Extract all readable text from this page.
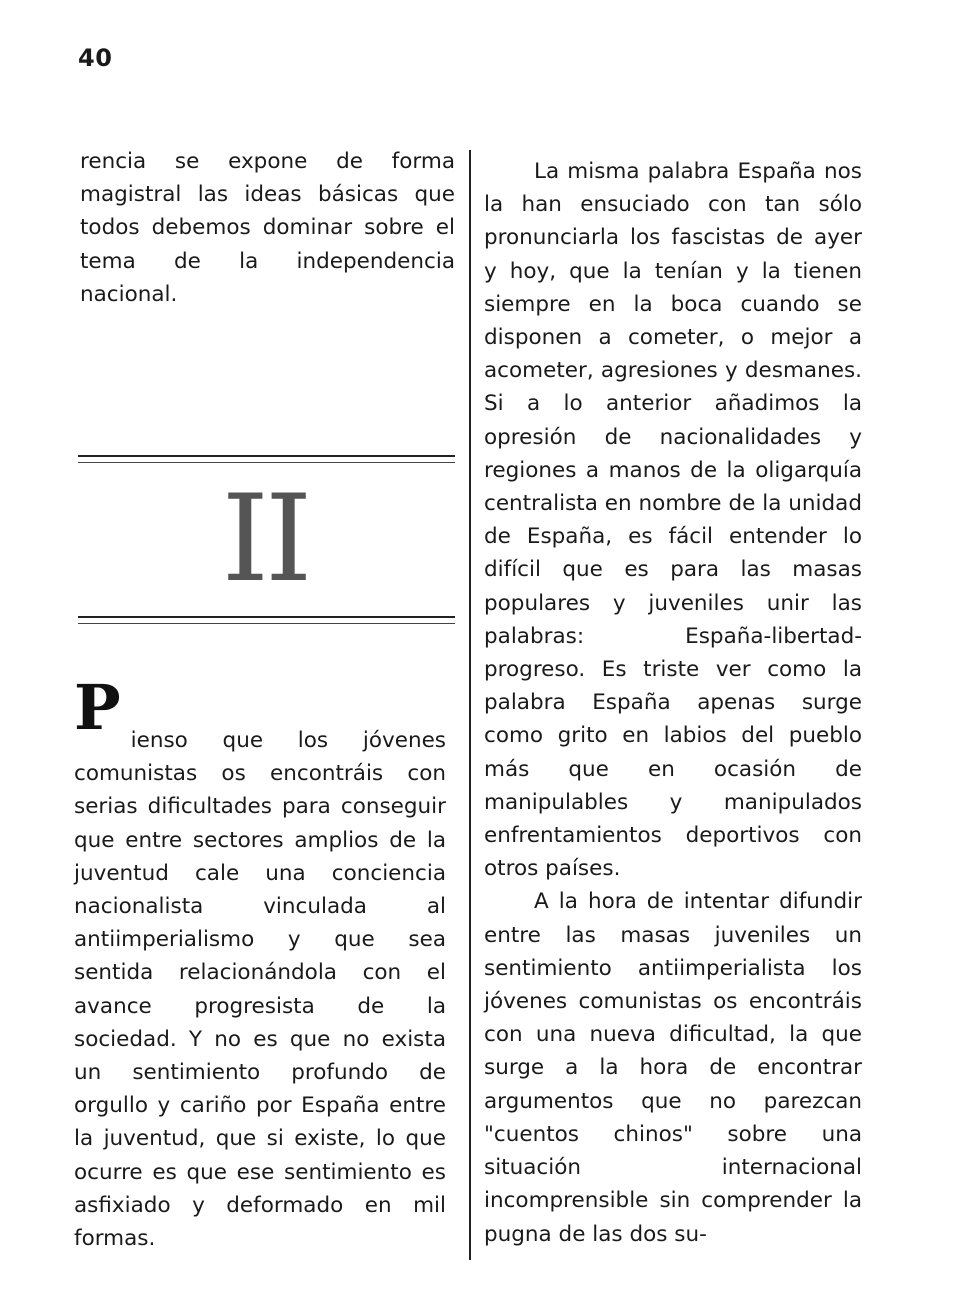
40

rencia se expone de forma magistral las ideas básicas que todos debemos dominar sobre el tema de la independencia nacional.

II

Pienso que los jóvenes comunistas os encontráis con serias dificultades para conseguir que entre sectores amplios de la juventud cale una conciencia nacionalista vinculada al antiimperialismo y que sea sentida relacionándola con el avance progresista de la sociedad. Y no es que no exista un sentimiento profundo de orgullo y cariño por España entre la juventud, que si existe, lo que ocurre es que ese sentimiento es asfixiado y deformado en mil formas.

La misma palabra España nos la han ensuciado con tan sólo pronunciarla los fascistas de ayer y hoy, que la tenían y la tienen siempre en la boca cuando se disponen a cometer, o mejor a acometer, agresiones y desmanes. Si a lo anterior añadimos la opresión de nacionalidades y regiones a manos de la oligarquía centralista en nombre de la unidad de España, es fácil entender lo difícil que es para las masas populares y juveniles unir las palabras: España-libertad-progreso. Es triste ver como la palabra España apenas surge como grito en labios del pueblo más que en ocasión de manipulables y manipulados enfrentamientos deportivos con otros países.

A la hora de intentar difundir entre las masas juveniles un sentimiento antiimperialista los jóvenes comunistas os encontráis con una nueva dificultad, la que surge a la hora de encontrar argumentos que no parezcan "cuentos chinos" sobre una situación internacional incomprensible sin comprender la pugna de las dos su-
